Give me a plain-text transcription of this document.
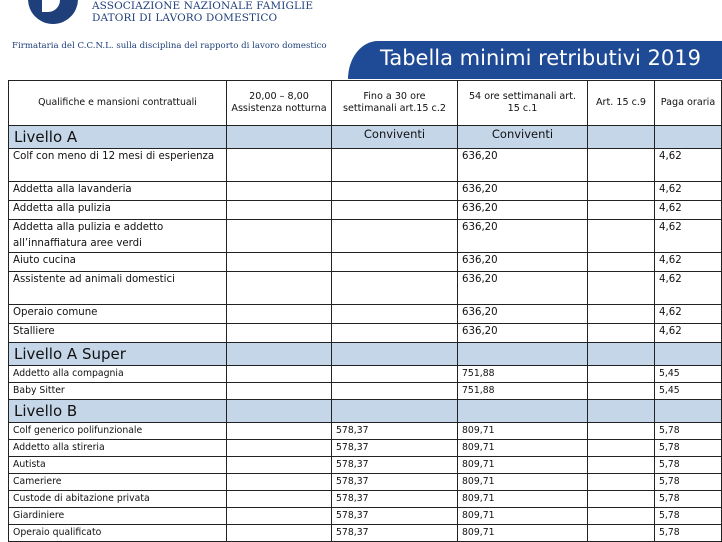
ASSOCIAZIONE NAZIONALE FAMIGLIE
DATORI DI LAVORO DOMESTICO
Firmataria del C.C.N.L. sulla disciplina del rapporto di lavoro domestico	Tabella minimi retributivi 2019
Qualifiche e mansioni contrattuali	20,00 – 8,00 Assistenza notturna	Fino a 30 ore settimanali art.15 c.2	54 ore settimanali art. 15 c.1	Art. 15 c.9	Paga oraria
Livello A		Conviventi	Conviventi		
Colf con meno di 12 mesi di esperienza			636,20		4,62
Addetta alla lavanderia			636,20		4,62
Addetta alla pulizia			636,20		4,62
Addetta alla pulizia e addetto all’innaffiatura aree verdi			636,20		4,62
Aiuto cucina			636,20		4,62
Assistente ad animali domestici			636,20		4,62
Operaio comune			636,20		4,62
Stalliere			636,20		4,62
Livello A Super					
Addetto alla compagnia			751,88		5,45
Baby Sitter			751,88		5,45
Livello B					
Colf generico polifunzionale		578,37	809,71		5,78
Addetto alla stireria		578,37	809,71		5,78
Autista		578,37	809,71		5,78
Cameriere		578,37	809,71		5,78
Custode di abitazione privata		578,37	809,71		5,78
Giardiniere		578,37	809,71		5,78
Operaio qualificato		578,37	809,71		5,78
